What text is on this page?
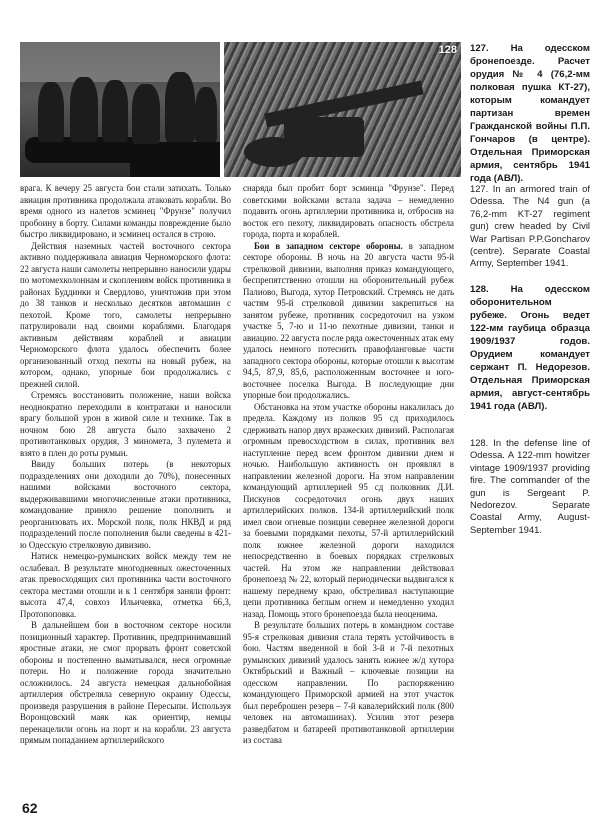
128 127. На одесском бронепоезде. Расчет орудия № 4 (76,2-мм полковая пушка КТ-27), которым командует партизан времен Гражданской войны П.П. Гончаров (в центре). Отдельная Приморская армия, сентябрь 1941 года (АВЛ).

127. In an armored train of Odessa. The N4 gun (a 76,2-mm KT-27 regiment gun) crew headed by Civil War Partisan P.P.Goncharov (centre). Separate Coastal Army, September 1941.

128. На одесском оборонительном рубеже. Огонь ведет 122-мм гаубица образца 1909/1937 годов. Орудием командует сержант П. Недорезов. Отдельная Приморская армия, август-сентябрь 1941 года (АВЛ).

128. In the defense line of Odessa. A 122-mm howitzer vintage 1909/1937 providing fire. The commander of the gun is Sergeant P. Nedorezov. Separate Coastal Army, August-September 1941.

врага. К вечеру 25 августа бои стали затихать. Только авиация противника продолжала атаковать корабли. Во время одного из налетов эсминец "Фрунзе" получил пробоину в борту. Силами команды повреждение было быстро ликвидировано, и эсминец остался в строю.

Действия наземных частей восточного сектора активно поддерживала авиация Черноморского флота: 22 августа наши самолеты непрерывно наносили удары по мотомехколоннам и скоплениям войск противника в районах Буддинки и Свердлово, уничтожив при этом до 38 танков и несколько десятков автомашин с пехотой. Кроме того, самолеты непрерывно патрулировали над своими кораблями. Благодаря активным действиям кораблей и авиации Черноморского флота удалось обеспечить более организованный отход пехоты на новый рубеж, на котором, однако, упорные бои продолжались с прежней силой.

Стремясь восстановить положение, наши войска неоднократно переходили в контратаки и наносили врагу большой урон в живой силе и технике. Так в ночном бою 28 августа было захвачено 2 противотанковых орудия, 3 миномета, 3 пулемета и взято в плен до роты румын.

Ввиду больших потерь (в некоторых подразделениях они доходили до 70%), понесенных нашими войсками восточного сектора, выдерживавшими многочисленные атаки противника, командование приняло решение пополнить и реорганизовать их. Морской полк, полк НКВД и ряд подразделений после пополнения были сведены в 421-ю Одесскую стрелковую дивизию.

Натиск немецко-румынских войск между тем не ослабевал. В результате многодневных ожесточенных атак превосходящих сил противника части восточного сектора местами отошли и к 1 сентября заняли фронт: высота 47,4, совхоз Ильичевка, отметка 66,3, Протопоповка.

В дальнейшем бои в восточном секторе носили позиционный характер. Противник, предпринимавший яростные атаки, не смог прорвать фронт советской обороны и постепенно выматывался, неся огромные потери. Но и положение города значительно осложнилось. 24 августа немецкая дальнобойная артиллерия обстреляла северную окраину Одессы, произведя разрушения в районе Пересыпи. Используя Воронцовский маяк как ориентир, немцы перенацелили огонь на порт и на корабли. 23 августа прямым попаданием артиллерийского

снаряда был пробит борт эсминца "Фрунзе". Перед советскими войсками встала задача – немедленно подавить огонь артиллерии противника и, отбросив на восток его пехоту, ликвидировать опасность обстрела города, порта и кораблей.

Бои в западном секторе обороны. в западном секторе обороны. В ночь на 20 августа части 95-й стрелковой дивизии, выполняя приказ командующего, беспрепятственно отошли на оборонительный рубеж Палиово, Выгода, хутор Петровский. Стремясь не дать частям 95-й стрелковой дивизии закрепиться на занятом рубеже, противник сосредоточил на узком участке 5, 7-ю и 11-ю пехотные дивизии, танки и авиацию. 22 августа после ряда ожесточенных атак ему удалось немного потеснить правофланговые части западного сектора обороны, которые отошли к высотам 94,5, 87,9, 85,6, расположенным восточнее и юго-восточнее поселка Выгода. В последующие дни упорные бои продолжались.

Обстановка на этом участке обороны накалилась до предела. Каждому из полков 95 сд приходилось сдерживать напор двух вражеских дивизий. Располагая огромным превосходством в силах, противник вел наступление перед всем фронтом дивизии днем и ночью. Наибольшую активность он проявлял в направлении железной дороги. На этом направлении командующий артиллерией 95 сд полковник Д.И. Пискунов сосредоточил огонь двух наших артиллерийских полков. 134-й артиллерийский полк имел свои огневые позиции севернее железной дороги за боевыми порядками пехоты, 57-й артиллерийский полк южнее железной дороги находился непосредственно в боевых порядках стрелковых частей. На этом же направлении действовал бронепоезд № 22, который периодически выдвигался к нашему переднему краю, обстреливал наступающие цепи противника беглым огнем и немедленно уходил назад. Помощь этого бронепоезда была неоценима.

В результате больших потерь в командном составе 95-я стрелковая дивизия стала терять устойчивость в бою. Частям введенной в бой 3-й и 7-й пехотных румынских дивизий удалось занять южнее ж/д хутора Октябрьский и Важный – ключевые позиции на одесском направлении. По распоряжению командующего Приморской армией на этот участок был переброшен резерв – 7-й кавалерийский полк (800 человек на автомашинах). Усилив этот резерв разведбатом и батареей противотанковой артиллерии из состава

62
